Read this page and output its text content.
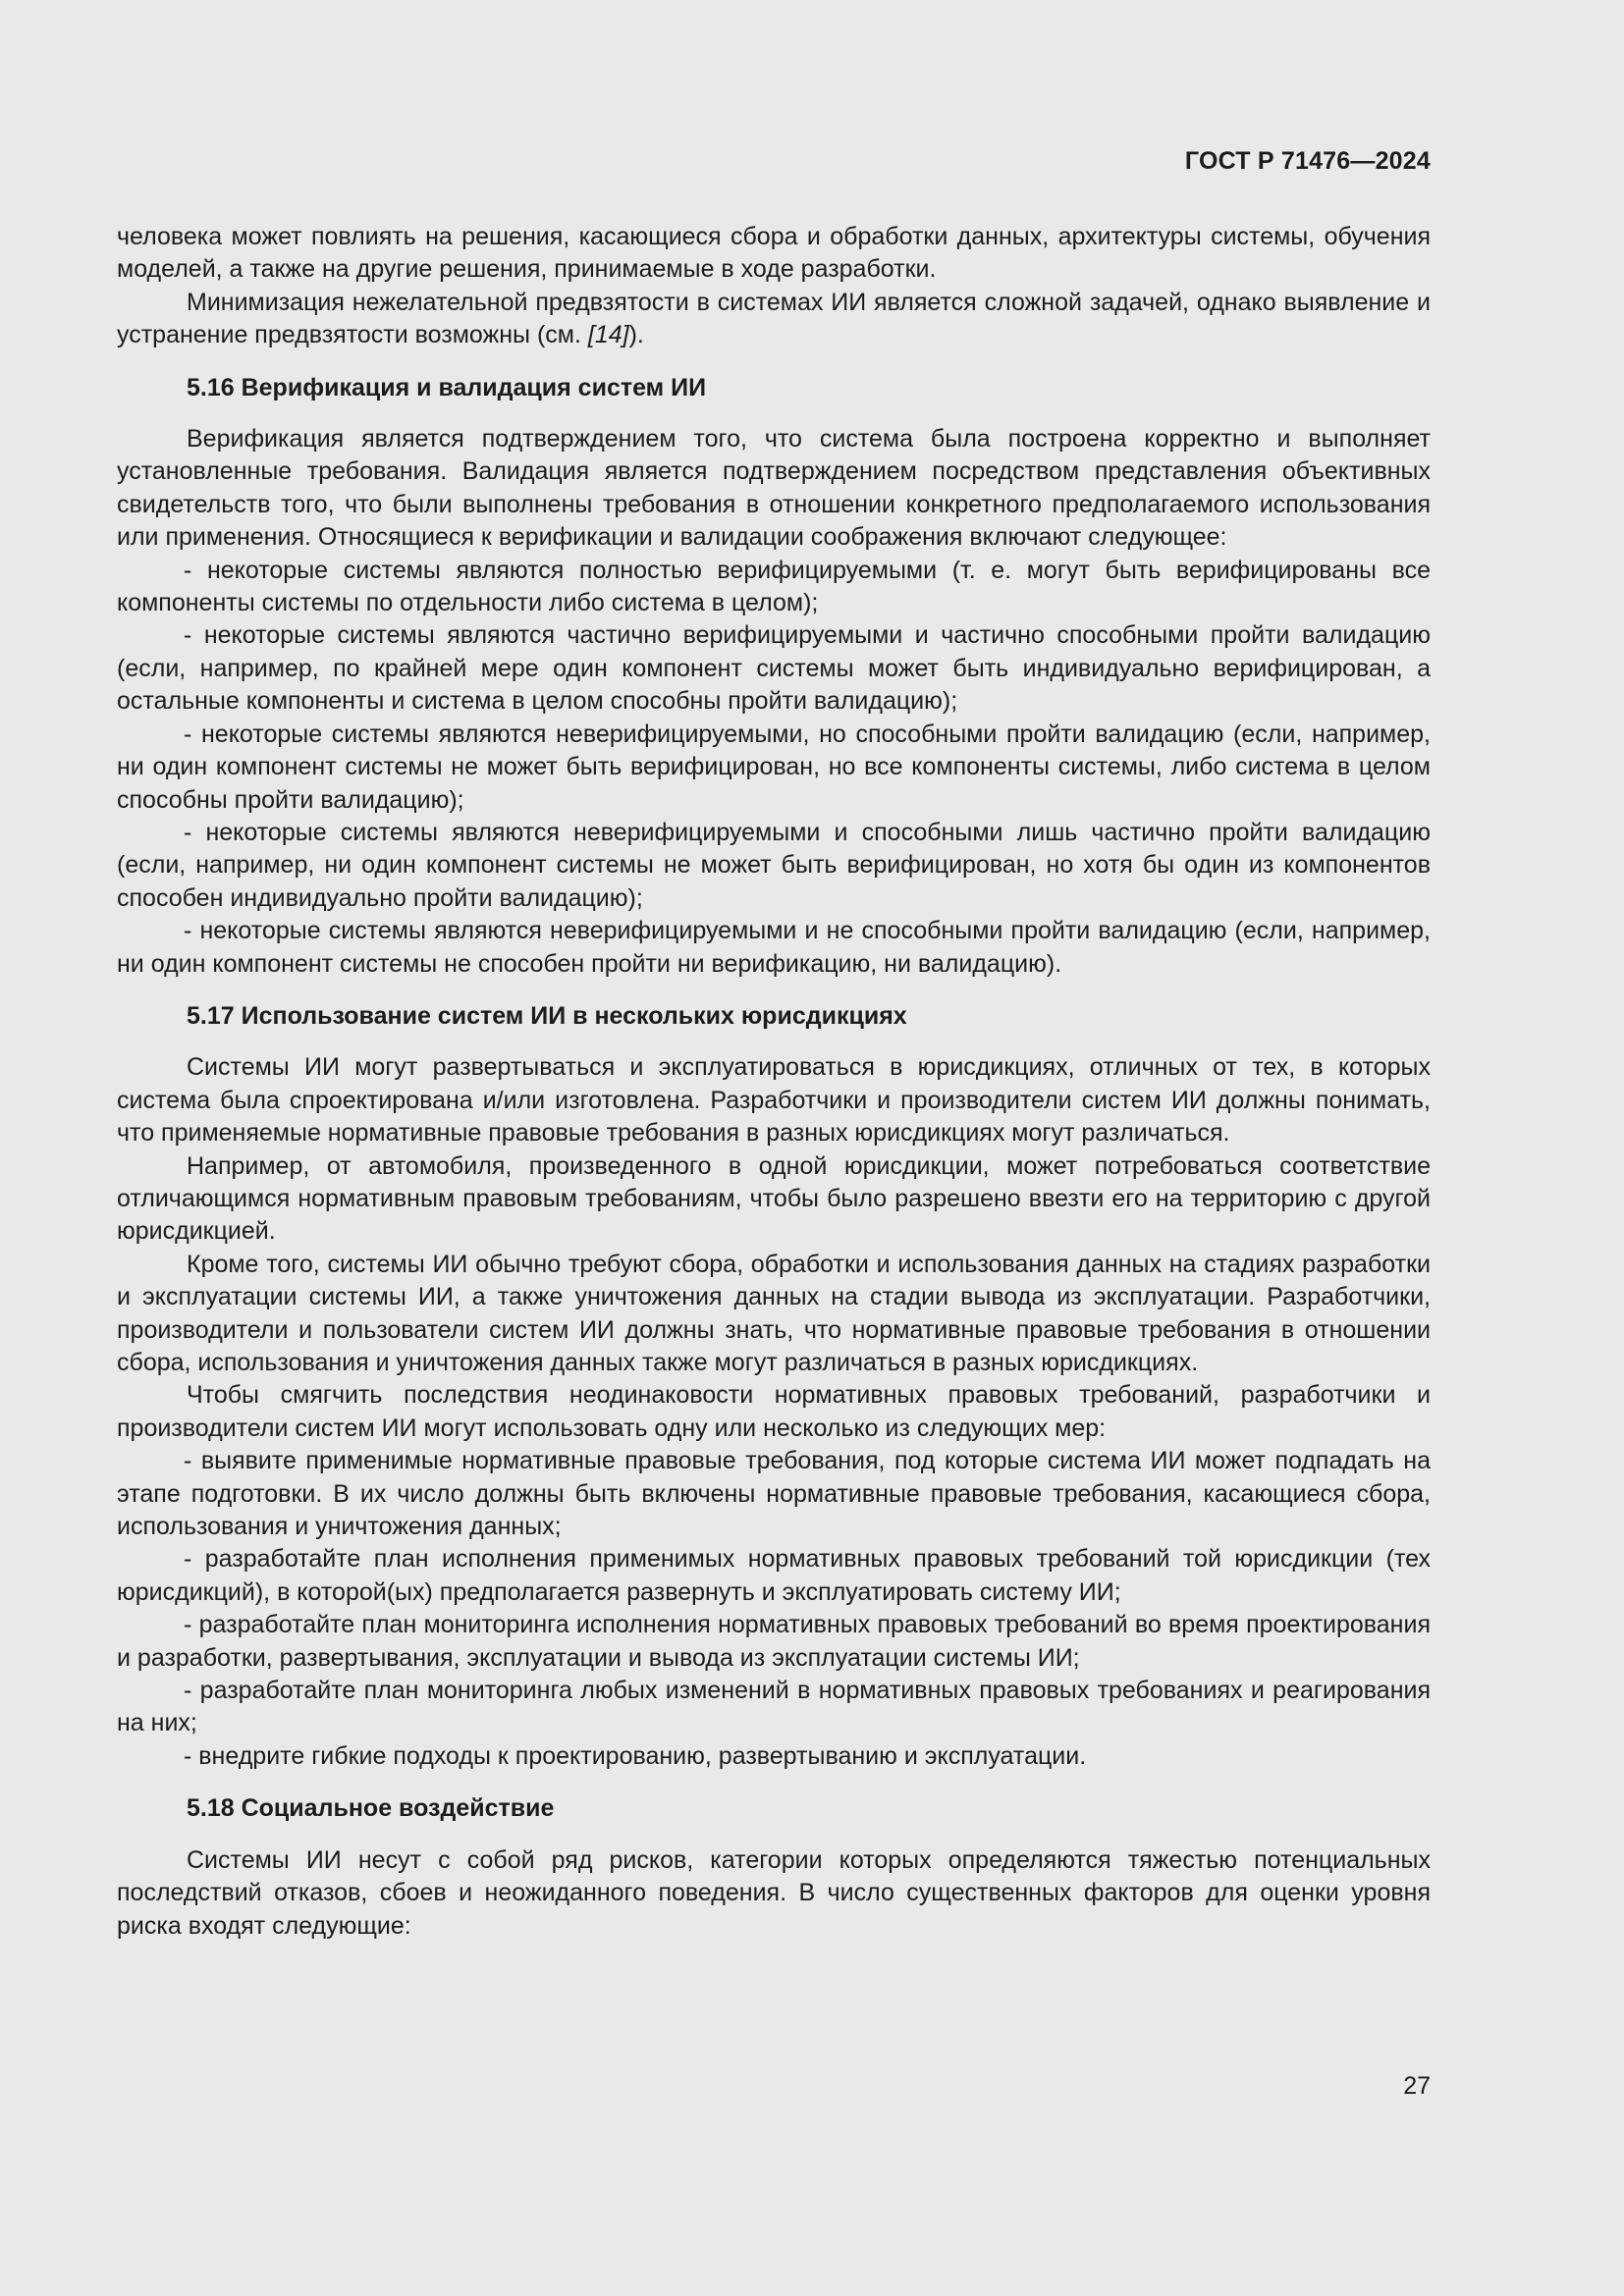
ГОСТ Р 71476—2024

человека может повлиять на решения, касающиеся сбора и обработки данных, архитектуры системы, обучения моделей, а также на другие решения, принимаемые в ходе разработки.

Минимизация нежелательной предвзятости в системах ИИ является сложной задачей, однако выявление и устранение предвзятости возможны (см. [14]).

5.16 Верификация и валидация систем ИИ

Верификация является подтверждением того, что система была построена корректно и выполняет установленные требования. Валидация является подтверждением посредством представления объективных свидетельств того, что были выполнены требования в отношении конкретного предполагаемого использования или применения. Относящиеся к верификации и валидации соображения включают следующее:

- некоторые системы являются полностью верифицируемыми (т. е. могут быть верифицированы все компоненты системы по отдельности либо система в целом);

- некоторые системы являются частично верифицируемыми и частично способными пройти валидацию (если, например, по крайней мере один компонент системы может быть индивидуально верифицирован, а остальные компоненты и система в целом способны пройти валидацию);

- некоторые системы являются неверифицируемыми, но способными пройти валидацию (если, например, ни один компонент системы не может быть верифицирован, но все компоненты системы, либо система в целом способны пройти валидацию);

- некоторые системы являются неверифицируемыми и способными лишь частично пройти валидацию (если, например, ни один компонент системы не может быть верифицирован, но хотя бы один из компонентов способен индивидуально пройти валидацию);

- некоторые системы являются неверифицируемыми и не способными пройти валидацию (если, например, ни один компонент системы не способен пройти ни верификацию, ни валидацию).

5.17 Использование систем ИИ в нескольких юрисдикциях

Системы ИИ могут развертываться и эксплуатироваться в юрисдикциях, отличных от тех, в которых система была спроектирована и/или изготовлена. Разработчики и производители систем ИИ должны понимать, что применяемые нормативные правовые требования в разных юрисдикциях могут различаться.

Например, от автомобиля, произведенного в одной юрисдикции, может потребоваться соответствие отличающимся нормативным правовым требованиям, чтобы было разрешено ввезти его на территорию с другой юрисдикцией.

Кроме того, системы ИИ обычно требуют сбора, обработки и использования данных на стадиях разработки и эксплуатации системы ИИ, а также уничтожения данных на стадии вывода из эксплуатации. Разработчики, производители и пользователи систем ИИ должны знать, что нормативные правовые требования в отношении сбора, использования и уничтожения данных также могут различаться в разных юрисдикциях.

Чтобы смягчить последствия неодинаковости нормативных правовых требований, разработчики и производители систем ИИ могут использовать одну или несколько из следующих мер:

- выявите применимые нормативные правовые требования, под которые система ИИ может подпадать на этапе подготовки. В их число должны быть включены нормативные правовые требования, касающиеся сбора, использования и уничтожения данных;

- разработайте план исполнения применимых нормативных правовых требований той юрисдикции (тех юрисдикций), в которой(ых) предполагается развернуть и эксплуатировать систему ИИ;

- разработайте план мониторинга исполнения нормативных правовых требований во время проектирования и разработки, развертывания, эксплуатации и вывода из эксплуатации системы ИИ;

- разработайте план мониторинга любых изменений в нормативных правовых требованиях и реагирования на них;

- внедрите гибкие подходы к проектированию, развертыванию и эксплуатации.

5.18 Социальное воздействие

Системы ИИ несут с собой ряд рисков, категории которых определяются тяжестью потенциальных последствий отказов, сбоев и неожиданного поведения. В число существенных факторов для оценки уровня риска входят следующие:

27
